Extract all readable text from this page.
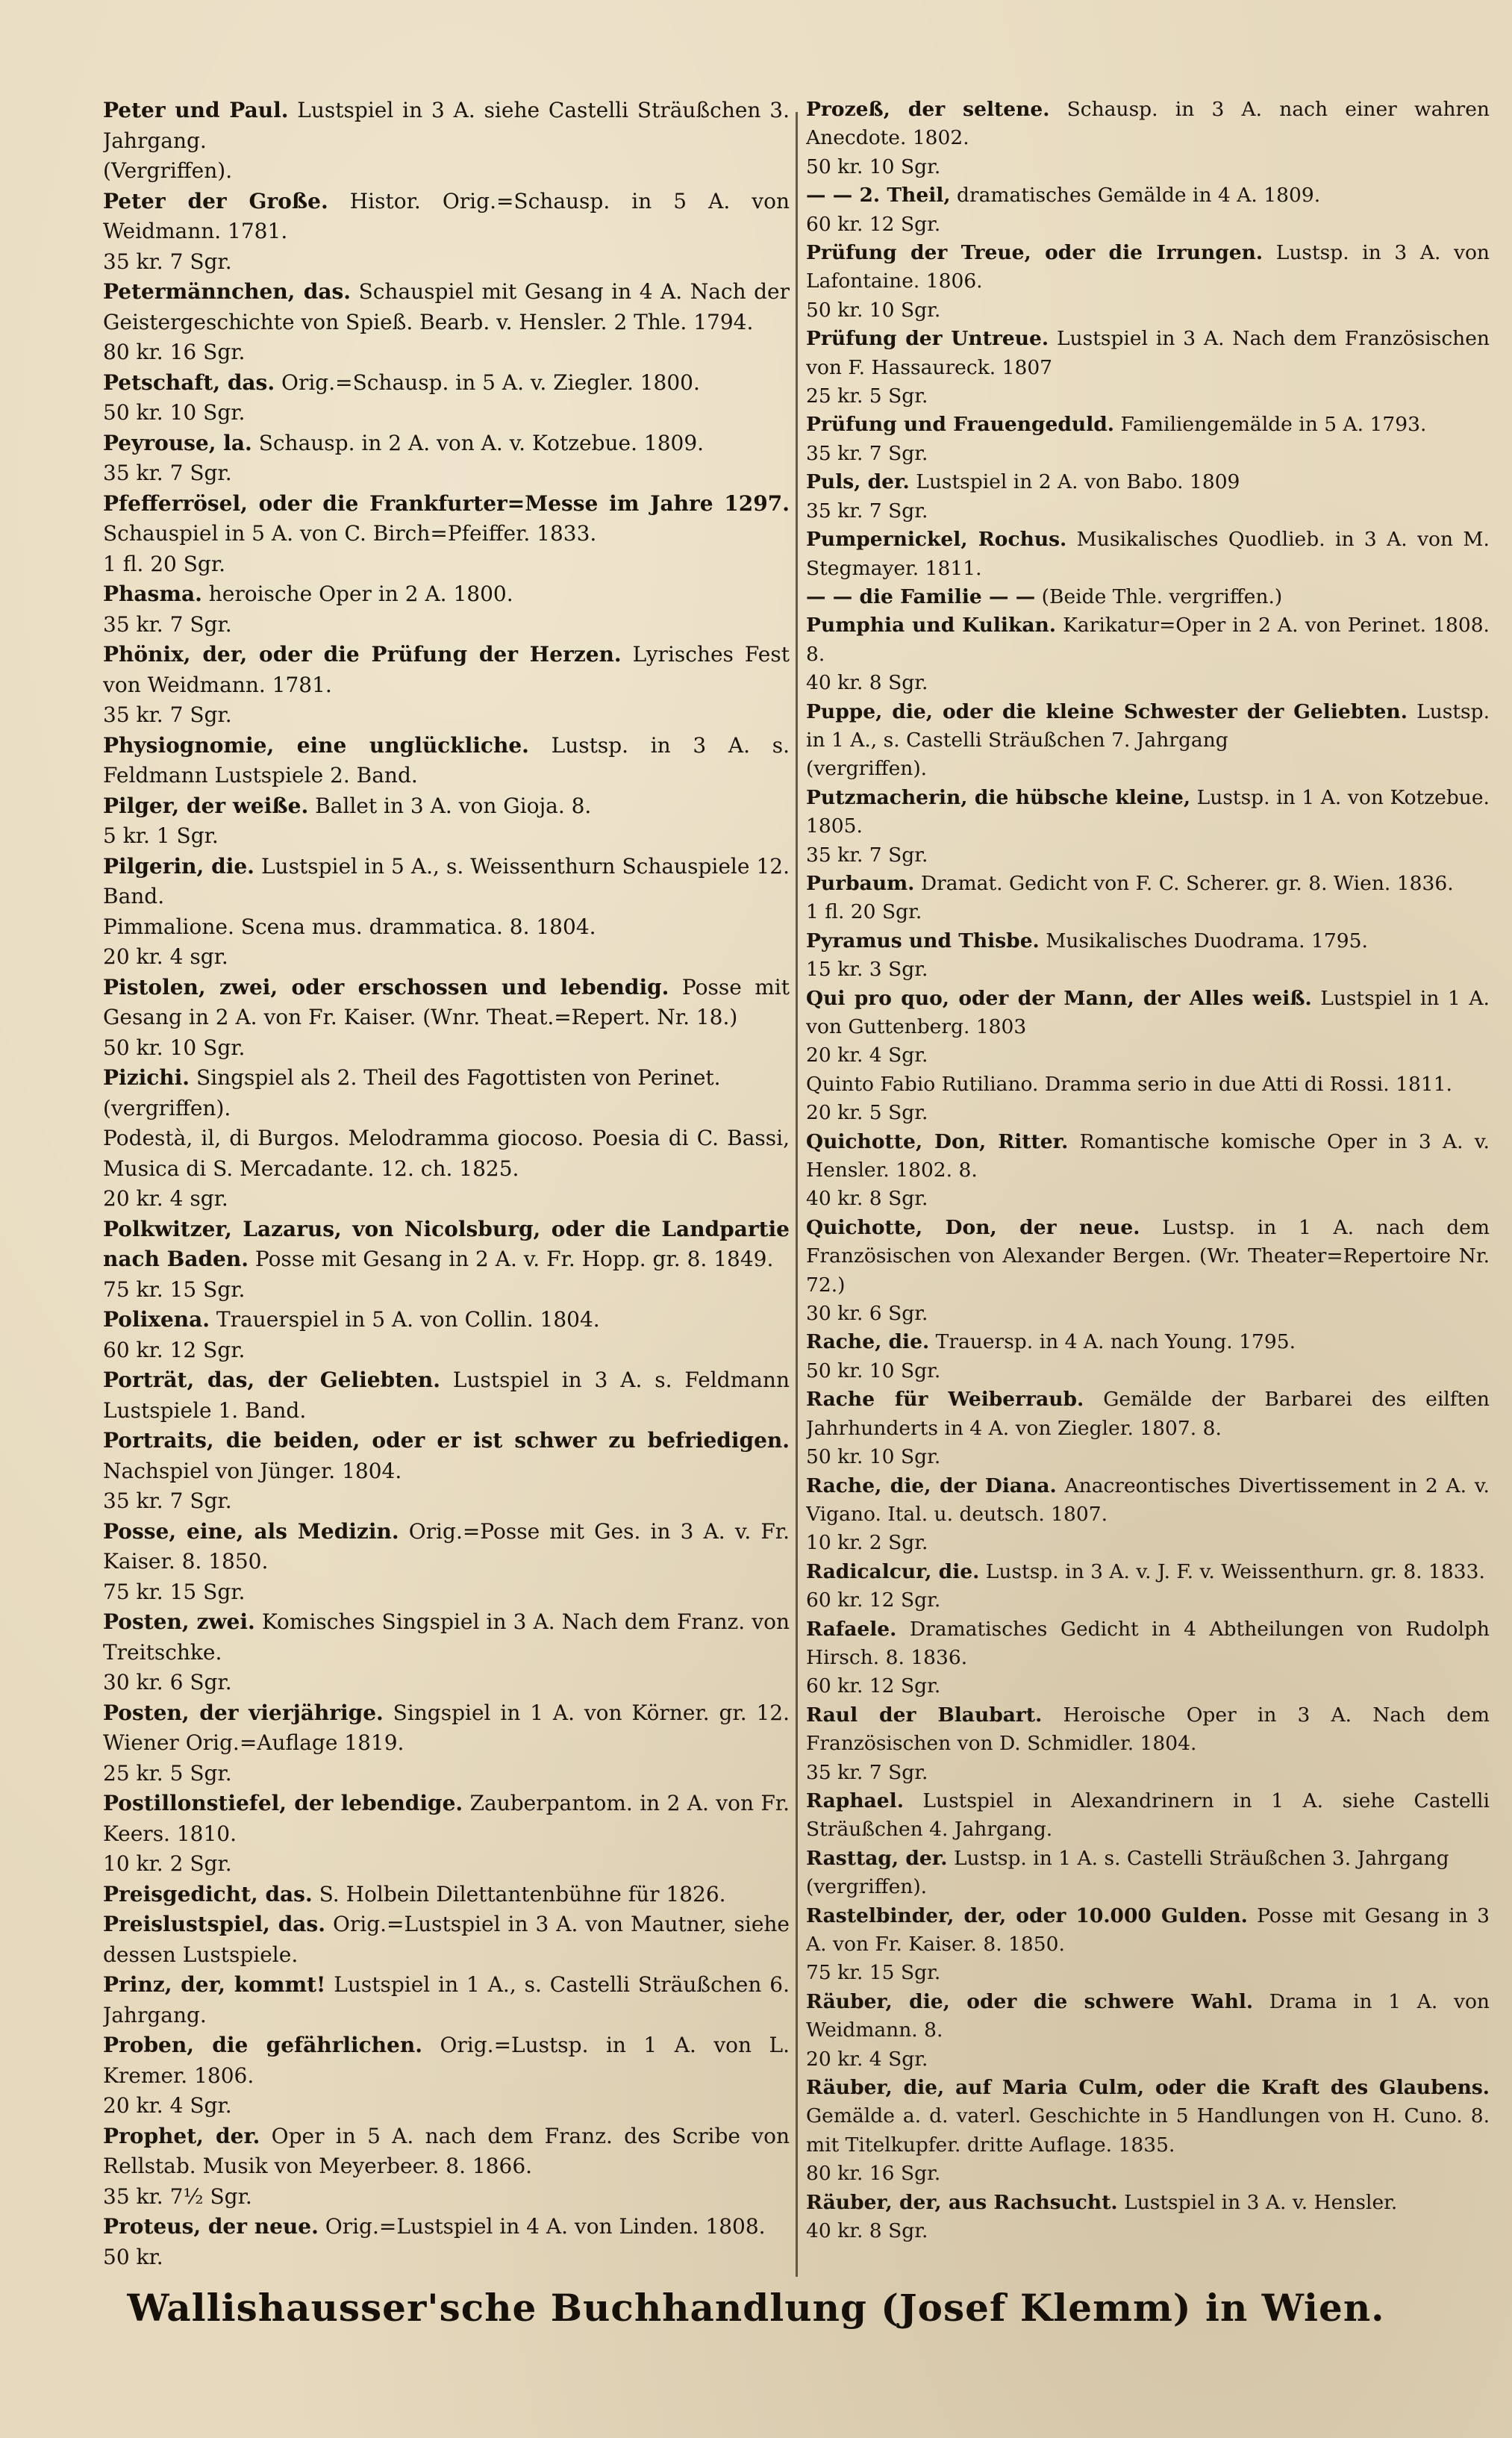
Peter und Paul. Lustspiel in 3 A. siehe Castelli Sträußchen 3. Jahrgang.
(Vergriffen).

Peter der Große. Histor. Orig.=Schausp. in 5 A. von Weidmann. 1781.
35 kr. 7 Sgr.

Petermännchen, das. Schauspiel mit Gesang in 4 A. Nach der Geistergeschichte von Spieß. Bearb. v. Hensler. 2 Thle. 1794.
80 kr. 16 Sgr.

Petschaft, das. Orig.=Schausp. in 5 A. v. Ziegler. 1800.
50 kr. 10 Sgr.

Peyrouse, la. Schausp. in 2 A. von A. v. Kotzebue. 1809.
35 kr. 7 Sgr.

Pfefferrösel, oder die Frankfurter=Messe im Jahre 1297. Schauspiel in 5 A. von C. Birch=Pfeiffer. 1833.
1 fl. 20 Sgr.

Phasma. heroische Oper in 2 A. 1800.
35 kr. 7 Sgr.

Phönix, der, oder die Prüfung der Herzen. Lyrisches Fest von Weidmann. 1781.
35 kr. 7 Sgr.

Physiognomie, eine unglückliche. Lustsp. in 3 A. s. Feldmann Lustspiele 2. Band.

Pilger, der weiße. Ballet in 3 A. von Gioja. 8.
5 kr. 1 Sgr.

Pilgerin, die. Lustspiel in 5 A., s. Weissenthurn Schauspiele 12. Band.

Pimmalione. Scena mus. drammatica. 8. 1804.
20 kr. 4 sgr.

Pistolen, zwei, oder erschossen und lebendig. Posse mit Gesang in 2 A. von Fr. Kaiser. (Wnr. Theat.=Repert. Nr. 18.)
50 kr. 10 Sgr.

Pizichi. Singspiel als 2. Theil des Fagottisten von Perinet.
(vergriffen).

Podestà, il, di Burgos. Melodramma giocoso. Poesia di C. Bassi, Musica di S. Mercadante. 12. ch. 1825.
20 kr. 4 sgr.

Polkwitzer, Lazarus, von Nicolsburg, oder die Landpartie nach Baden. Posse mit Gesang in 2 A. v. Fr. Hopp. gr. 8. 1849.
75 kr. 15 Sgr.

Polixena. Trauerspiel in 5 A. von Collin. 1804.
60 kr. 12 Sgr.

Porträt, das, der Geliebten. Lustspiel in 3 A. s. Feldmann Lustspiele 1. Band.

Portraits, die beiden, oder er ist schwer zu befriedigen. Nachspiel von Jünger. 1804.
35 kr. 7 Sgr.

Posse, eine, als Medizin. Orig.=Posse mit Ges. in 3 A. v. Fr. Kaiser. 8. 1850.
75 kr. 15 Sgr.

Posten, zwei. Komisches Singspiel in 3 A. Nach dem Franz. von Treitschke.
30 kr. 6 Sgr.

Posten, der vierjährige. Singspiel in 1 A. von Körner. gr. 12. Wiener Orig.=Auflage 1819.
25 kr. 5 Sgr.

Postillonstiefel, der lebendige. Zauberpantom. in 2 A. von Fr. Keers. 1810.
10 kr. 2 Sgr.

Preisgedicht, das. S. Holbein Dilettantenbühne für 1826.

Preislustspiel, das. Orig.=Lustspiel in 3 A. von Mautner, siehe dessen Lustspiele.

Prinz, der, kommt! Lustspiel in 1 A., s. Castelli Sträußchen 6. Jahrgang.

Proben, die gefährlichen. Orig.=Lustsp. in 1 A. von L. Kremer. 1806.
20 kr. 4 Sgr.

Prophet, der. Oper in 5 A. nach dem Franz. des Scribe von Rellstab. Musik von Meyerbeer. 8. 1866.
35 kr. 7½ Sgr.

Proteus, der neue. Orig.=Lustspiel in 4 A. von Linden. 1808.
50 kr.

Prozeß, der seltene. Schausp. in 3 A. nach einer wahren Anecdote. 1802.
50 kr. 10 Sgr.

— — 2. Theil, dramatisches Gemälde in 4 A. 1809.
60 kr. 12 Sgr.

Prüfung der Treue, oder die Irrungen. Lustsp. in 3 A. von Lafontaine. 1806.
50 kr. 10 Sgr.

Prüfung der Untreue. Lustspiel in 3 A. Nach dem Französischen von F. Hassaureck. 1807
25 kr. 5 Sgr.

Prüfung und Frauengeduld. Familiengemälde in 5 A. 1793.
35 kr. 7 Sgr.

Puls, der. Lustspiel in 2 A. von Babo. 1809
35 kr. 7 Sgr.

Pumpernickel, Rochus. Musikalisches Quodlieb. in 3 A. von M. Stegmayer. 1811.

— — die Familie — — (Beide Thle. vergriffen.)

Pumphia und Kulikan. Karikatur=Oper in 2 A. von Perinet. 1808. 8.
40 kr. 8 Sgr.

Puppe, die, oder die kleine Schwester der Geliebten. Lustsp. in 1 A., s. Castelli Sträußchen 7. Jahrgang
(vergriffen).

Putzmacherin, die hübsche kleine, Lustsp. in 1 A. von Kotzebue. 1805.
35 kr. 7 Sgr.

Purbaum. Dramat. Gedicht von F. C. Scherer. gr. 8. Wien. 1836.
1 fl. 20 Sgr.

Pyramus und Thisbe. Musikalisches Duodrama. 1795.
15 kr. 3 Sgr.

Qui pro quo, oder der Mann, der Alles weiß. Lustspiel in 1 A. von Guttenberg. 1803
20 kr. 4 Sgr.

Quinto Fabio Rutiliano. Dramma serio in due Atti di Rossi. 1811.
20 kr. 5 Sgr.

Quichotte, Don, Ritter. Romantische komische Oper in 3 A. v. Hensler. 1802. 8.
40 kr. 8 Sgr.

Quichotte, Don, der neue. Lustsp. in 1 A. nach dem Französischen von Alexander Bergen. (Wr. Theater=Repertoire Nr. 72.)
30 kr. 6 Sgr.

Rache, die. Trauersp. in 4 A. nach Young. 1795.
50 kr. 10 Sgr.

Rache für Weiberraub. Gemälde der Barbarei des eilften Jahrhunderts in 4 A. von Ziegler. 1807. 8.
50 kr. 10 Sgr.

Rache, die, der Diana. Anacreontisches Divertissement in 2 A. v. Vigano. Ital. u. deutsch. 1807.
10 kr. 2 Sgr.

Radicalcur, die. Lustsp. in 3 A. v. J. F. v. Weissenthurn. gr. 8. 1833.
60 kr. 12 Sgr.

Rafaele. Dramatisches Gedicht in 4 Abtheilungen von Rudolph Hirsch. 8. 1836.
60 kr. 12 Sgr.

Raul der Blaubart. Heroische Oper in 3 A. Nach dem Französischen von D. Schmidler. 1804.
35 kr. 7 Sgr.

Raphael. Lustspiel in Alexandrinern in 1 A. siehe Castelli Sträußchen 4. Jahrgang.

Rasttag, der. Lustsp. in 1 A. s. Castelli Sträußchen 3. Jahrgang
(vergriffen).

Rastelbinder, der, oder 10.000 Gulden. Posse mit Gesang in 3 A. von Fr. Kaiser. 8. 1850.
75 kr. 15 Sgr.

Räuber, die, oder die schwere Wahl. Drama in 1 A. von Weidmann. 8.
20 kr. 4 Sgr.

Räuber, die, auf Maria Culm, oder die Kraft des Glaubens. Gemälde a. d. vaterl. Geschichte in 5 Handlungen von H. Cuno. 8. mit Titelkupfer. dritte Auflage. 1835.
80 kr. 16 Sgr.

Räuber, der, aus Rachsucht. Lustspiel in 3 A. v. Hensler.
40 kr. 8 Sgr.

Wallishausser'sche Buchhandlung (Josef Klemm) in Wien.
